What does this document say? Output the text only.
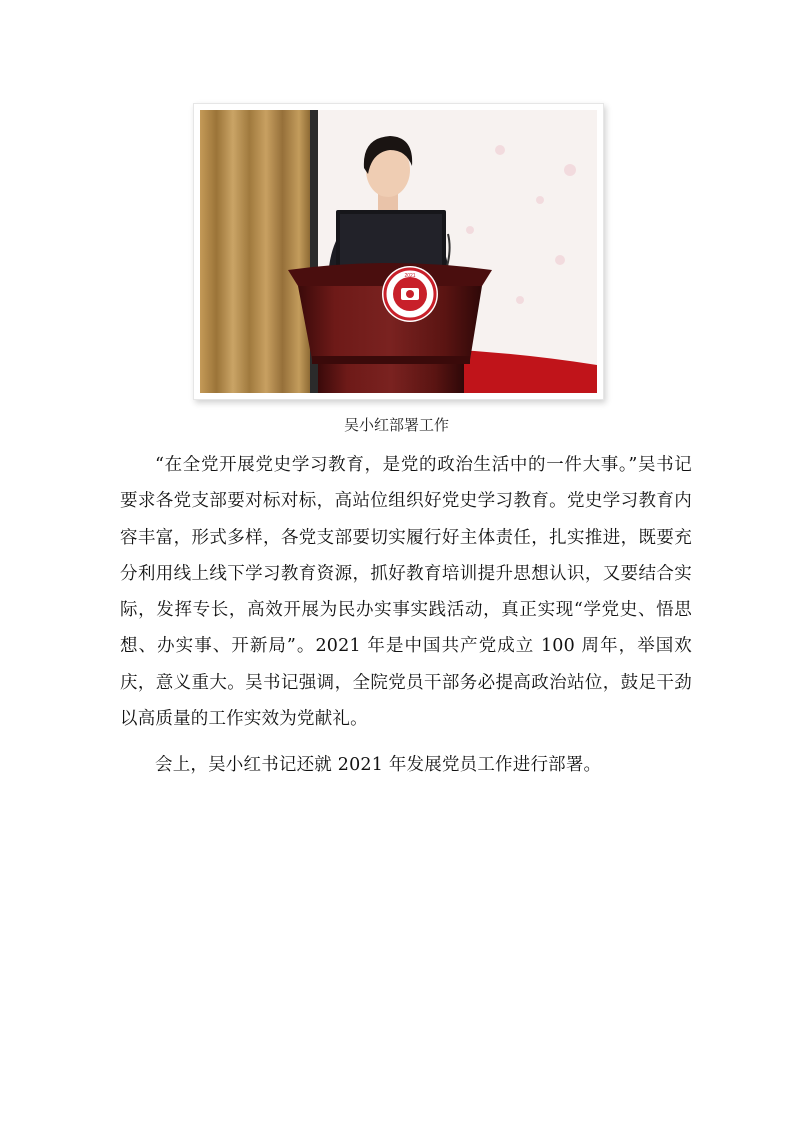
2021
吴小红部署工作

“在全党开展党史学习教育，是党的政治生活中的一件大事。”吴书记要求各党支部要对标对标，高站位组织好党史学习教育。党史学习教育内容丰富，形式多样，各党支部要切实履行好主体责任，扎实推进，既要充分利用线上线下学习教育资源，抓好教育培训提升思想认识，又要结合实际，发挥专长，高效开展为民办实事实践活动，真正实现“学党史、悟思想、办实事、开新局”。2021 年是中国共产党成立 100 周年，举国欢庆，意义重大。吴书记强调，全院党员干部务必提高政治站位，鼓足干劲以高质量的工作实效为党献礼。

会上，吴小红书记还就 2021 年发展党员工作进行部署。
